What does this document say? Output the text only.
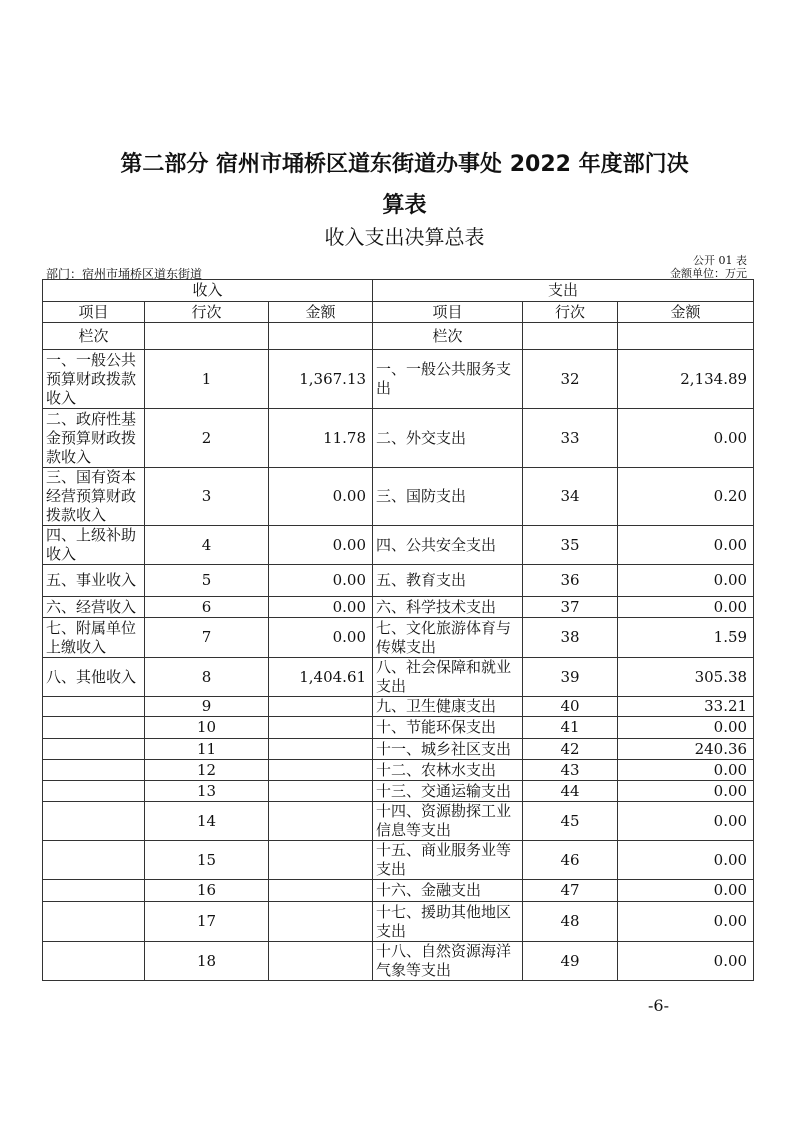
第二部分 宿州市埇桥区道东街道办事处 2022 年度部门决
算表
收入支出决算总表
公开 01 表
部门：宿州市埇桥区道东街道	金额单位：万元
收入			支出		
项目	行次	金额	项目	行次	金额
栏次			栏次		
一、一般公共预算财政拨款收入	1	1,367.13	一、一般公共服务支出	32	2,134.89
二、政府性基金预算财政拨款收入	2	11.78	二、外交支出	33	0.00
三、国有资本经营预算财政拨款收入	3	0.00	三、国防支出	34	0.20
四、上级补助收入	4	0.00	四、公共安全支出	35	0.00
五、事业收入	5	0.00	五、教育支出	36	0.00
六、经营收入	6	0.00	六、科学技术支出	37	0.00
七、附属单位上缴收入	7	0.00	七、文化旅游体育与传媒支出	38	1.59
八、其他收入	8	1,404.61	八、社会保障和就业支出	39	305.38
	9		九、卫生健康支出	40	33.21
	10		十、节能环保支出	41	0.00
	11		十一、城乡社区支出	42	240.36
	12		十二、农林水支出	43	0.00
	13		十三、交通运输支出	44	0.00
	14		十四、资源勘探工业信息等支出	45	0.00
	15		十五、商业服务业等支出	46	0.00
	16		十六、金融支出	47	0.00
	17		十七、援助其他地区支出	48	0.00
	18		十八、自然资源海洋气象等支出	49	0.00
-6-
